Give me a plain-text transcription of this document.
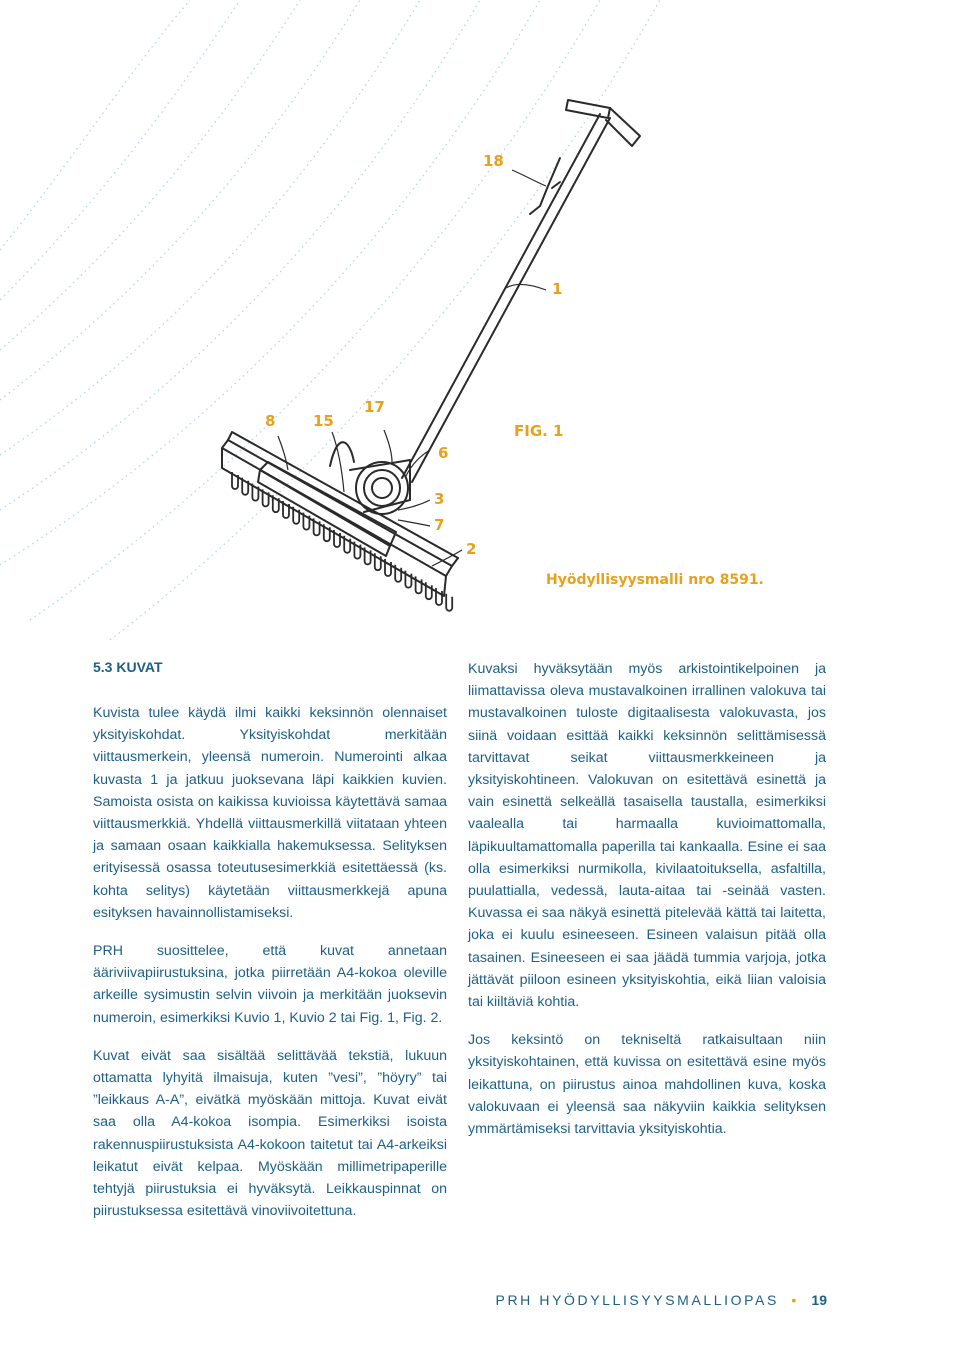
18
1
8	15
17
6
3
7
2
FIG. 1
Hyödyllisyysmalli nro 8591.
5.3 KUVAT

Kuvista tulee käydä ilmi kaikki keksinnön olennaiset yksityiskohdat. Yksityiskohdat merkitään viittausmerkein, yleensä numeroin. Numerointi alkaa kuvasta 1 ja jatkuu juoksevana läpi kaikkien kuvien. Samoista osista on kaikissa kuvioissa käytettävä samaa viittausmerkkiä. Yhdellä viittausmerkillä viitataan yhteen ja samaan osaan kaikkialla hakemuksessa. Selityksen erityisessä osassa toteutusesimerkkiä esitettäessä (ks. kohta selitys) käytetään viittausmerkkejä apuna esityksen havainnollistamiseksi.

PRH suosittelee, että kuvat annetaan ääriviivapiirustuksina, jotka piirretään A4-kokoa oleville arkeille sysimustin selvin viivoin ja merkitään juoksevin numeroin, esimerkiksi Kuvio 1, Kuvio 2 tai Fig. 1, Fig. 2.

Kuvat eivät saa sisältää selittävää tekstiä, lukuun ottamatta lyhyitä ilmaisuja, kuten ”vesi”, ”höyry” tai ”leikkaus A-A”, eivätkä myöskään mittoja. Kuvat eivät saa olla A4-kokoa isompia. Esimerkiksi isoista rakennuspiirustuksista A4-kokoon taitetut tai A4-arkeiksi leikatut eivät kelpaa. Myöskään millimetripaperille tehtyjä piirustuksia ei hyväksytä. Leikkauspinnat on piirustuksessa esitettävä vinoviivoitettuna.

Kuvaksi hyväksytään myös arkistointikelpoinen ja liimattavissa oleva mustavalkoinen irrallinen valokuva tai mustavalkoinen tuloste digitaalisesta valokuvasta, jos siinä voidaan esittää kaikki keksinnön selittämisessä tarvittavat seikat viittausmerkkeineen ja yksityiskohtineen. Valokuvan on esitettävä esinettä ja vain esinettä selkeällä tasaisella taustalla, esimerkiksi vaalealla tai harmaalla kuvioimattomalla, läpikuultamattomalla paperilla tai kankaalla. Esine ei saa olla esimerkiksi nurmikolla, kivilaatoituksella, asfaltilla, puulattialla, vedessä, lauta-aitaa tai -seinää vasten. Kuvassa ei saa näkyä esinettä pitelevää kättä tai laitetta, joka ei kuulu esineeseen. Esineen valaisun pitää olla tasainen. Esineeseen ei saa jäädä tummia varjoja, jotka jättävät piiloon esineen yksityiskohtia, eikä liian valoisia tai kiiltäviä kohtia.

Jos keksintö on tekniseltä ratkaisultaan niin yksityiskohtainen, että kuvissa on esitettävä esine myös leikattuna, on piirustus ainoa mahdollinen kuva, koska valokuvaan ei yleensä saa näkyviin kaikkia selityksen ymmärtämiseksi tarvittavia yksityiskohtia.

PRH HYÖDYLLISYYSMALLIOPAS • 19
